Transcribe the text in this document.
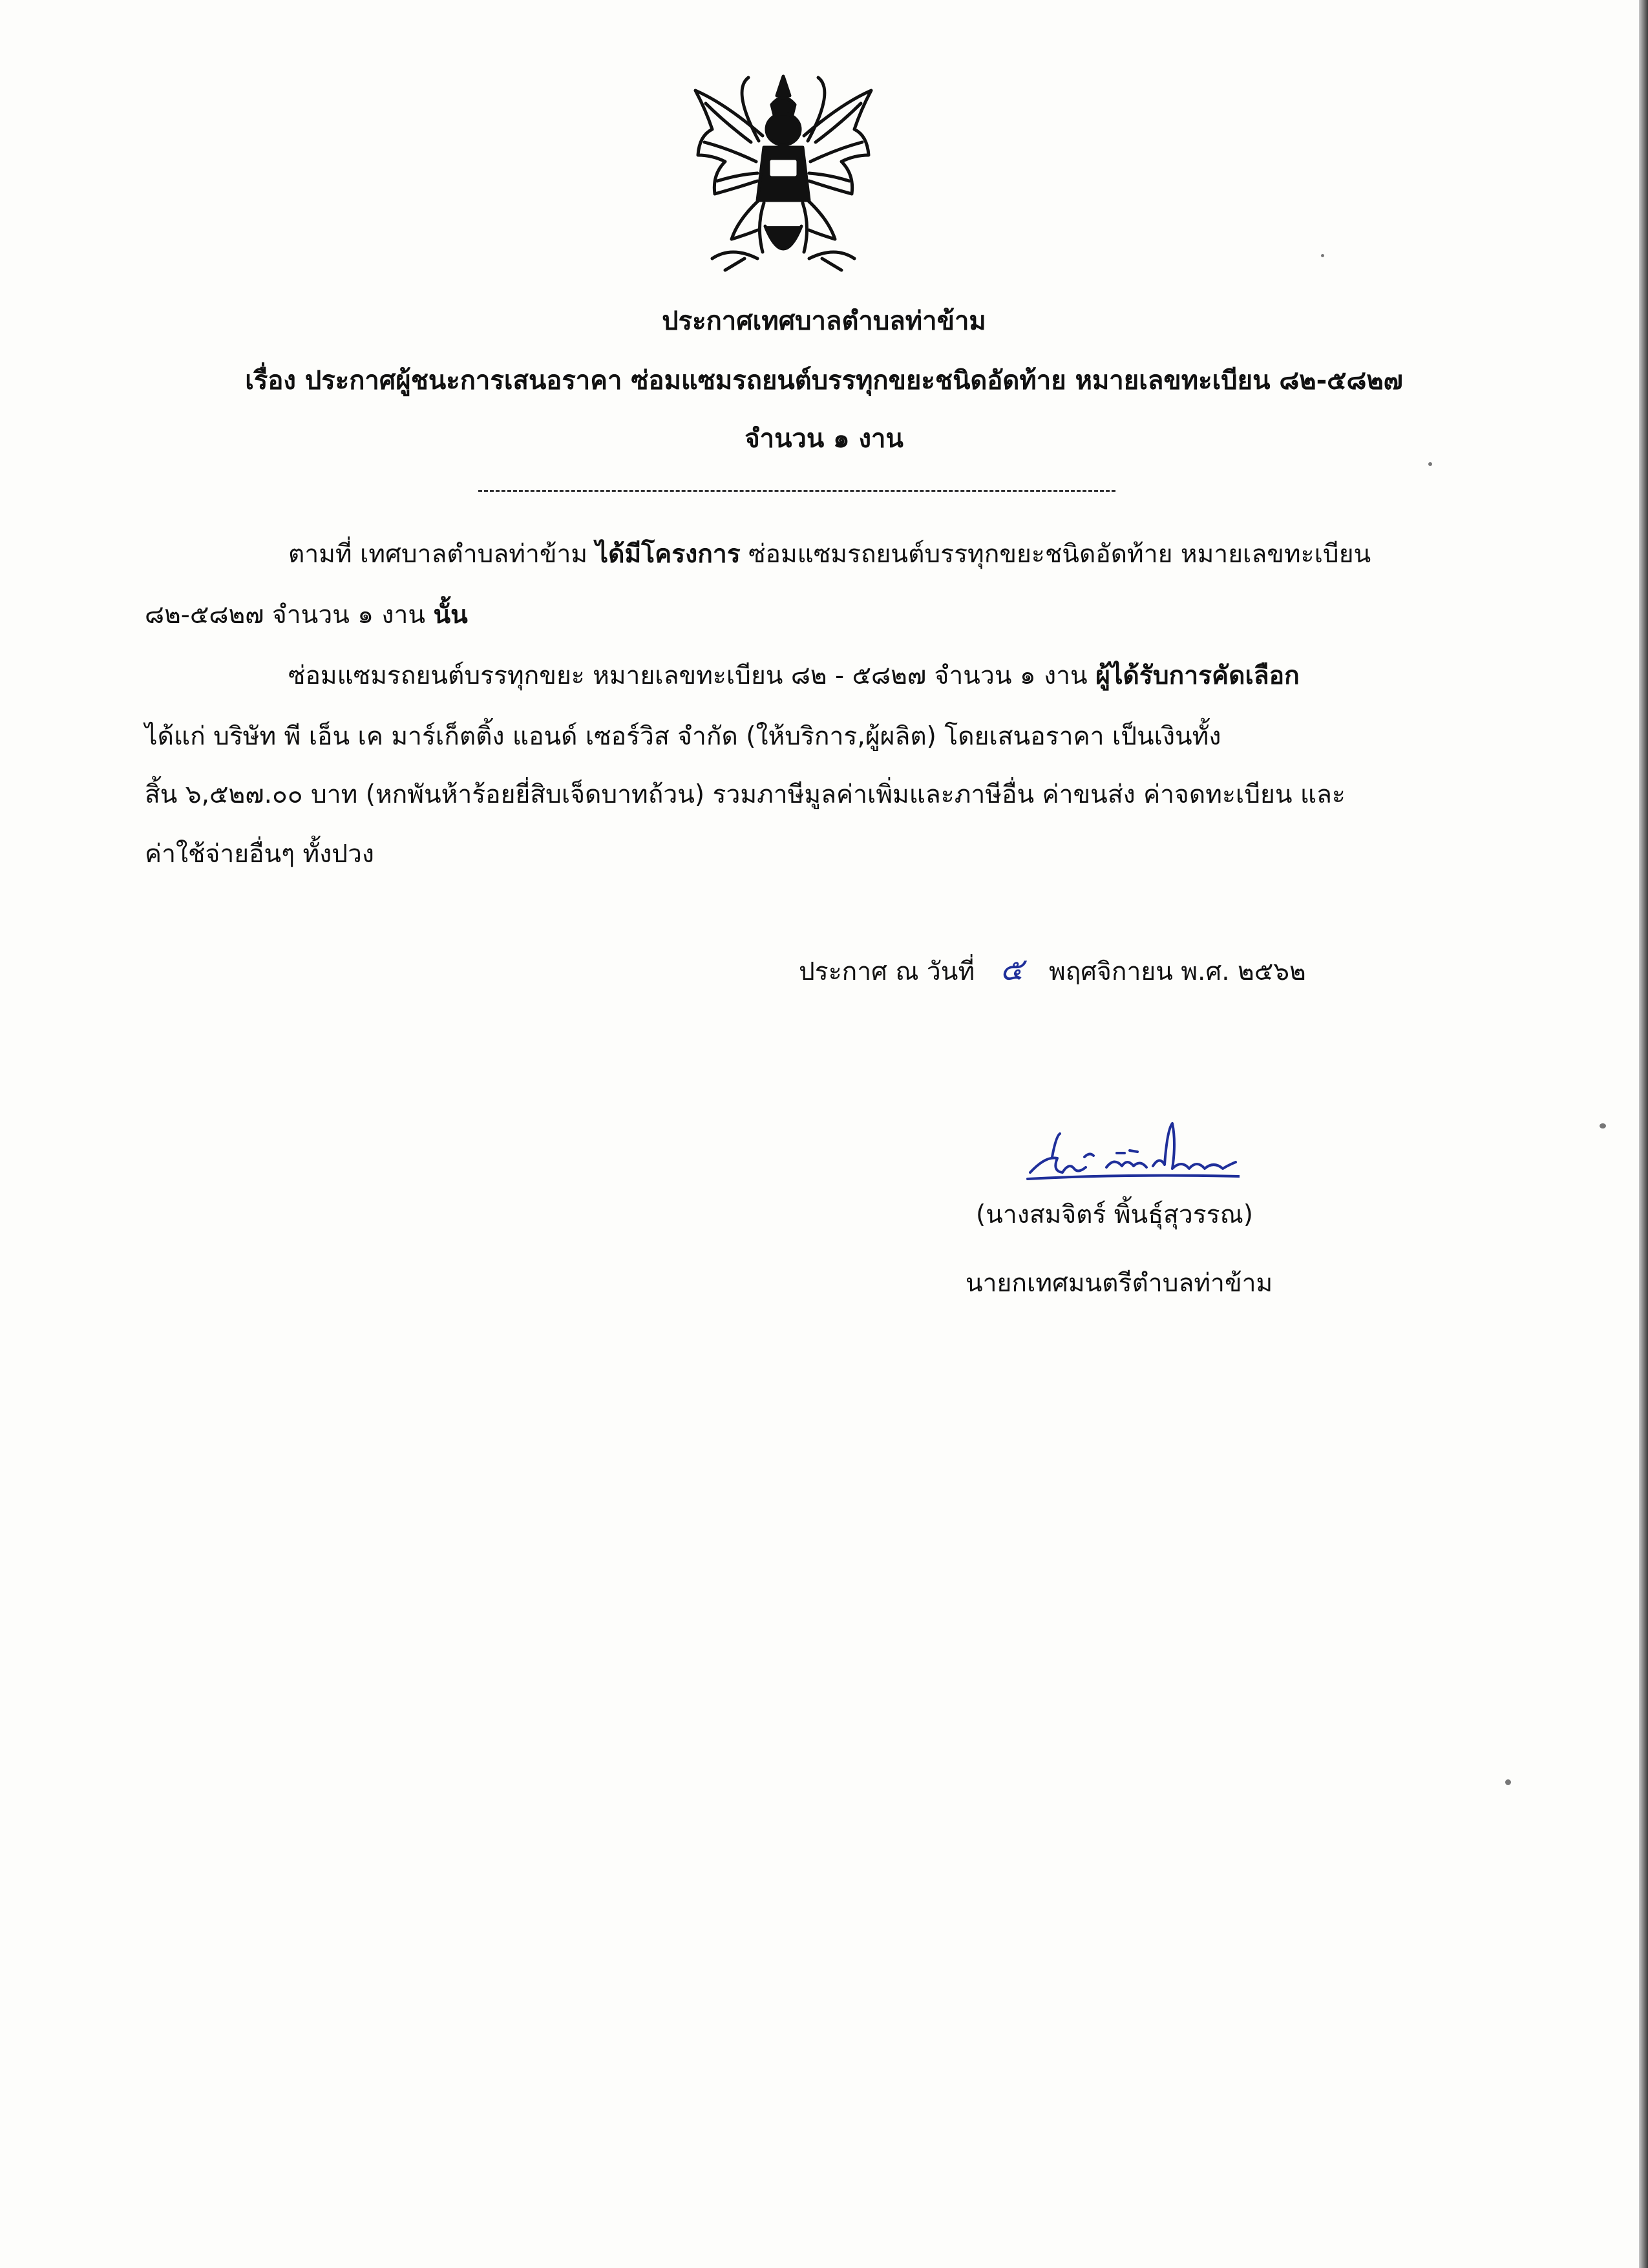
ประกาศเทศบาลตำบลท่าข้าม
เรื่อง ประกาศผู้ชนะการเสนอราคา ซ่อมแซมรถยนต์บรรทุกขยะชนิดอัดท้าย หมายเลขทะเบียน ๘๒-๕๘๒๗
จำนวน ๑ งาน
ตามที่ เทศบาลตำบลท่าข้าม ได้มีโครงการ ซ่อมแซมรถยนต์บรรทุกขยะชนิดอัดท้าย หมายเลขทะเบียน
๘๒-๕๘๒๗ จำนวน ๑ งาน นั้น
ซ่อมแซมรถยนต์บรรทุกขยะ หมายเลขทะเบียน ๘๒ - ๕๘๒๗ จำนวน ๑ งาน ผู้ได้รับการคัดเลือก
ได้แก่ บริษัท พี เอ็น เค มาร์เก็ตติ้ง แอนด์ เซอร์วิส จำกัด (ให้บริการ,ผู้ผลิต) โดยเสนอราคา เป็นเงินทั้ง
สิ้น ๖,๕๒๗.๐๐ บาท (หกพันห้าร้อยยี่สิบเจ็ดบาทถ้วน) รวมภาษีมูลค่าเพิ่มและภาษีอื่น ค่าขนส่ง ค่าจดทะเบียน และ
ค่าใช้จ่ายอื่นๆ ทั้งปวง
ประกาศ ณ วันที่ ๕ พฤศจิกายน พ.ศ. ๒๕๖๒
(นางสมจิตร์ พิ้นธุ์สุวรรณ)
นายกเทศมนตรีตำบลท่าข้าม
